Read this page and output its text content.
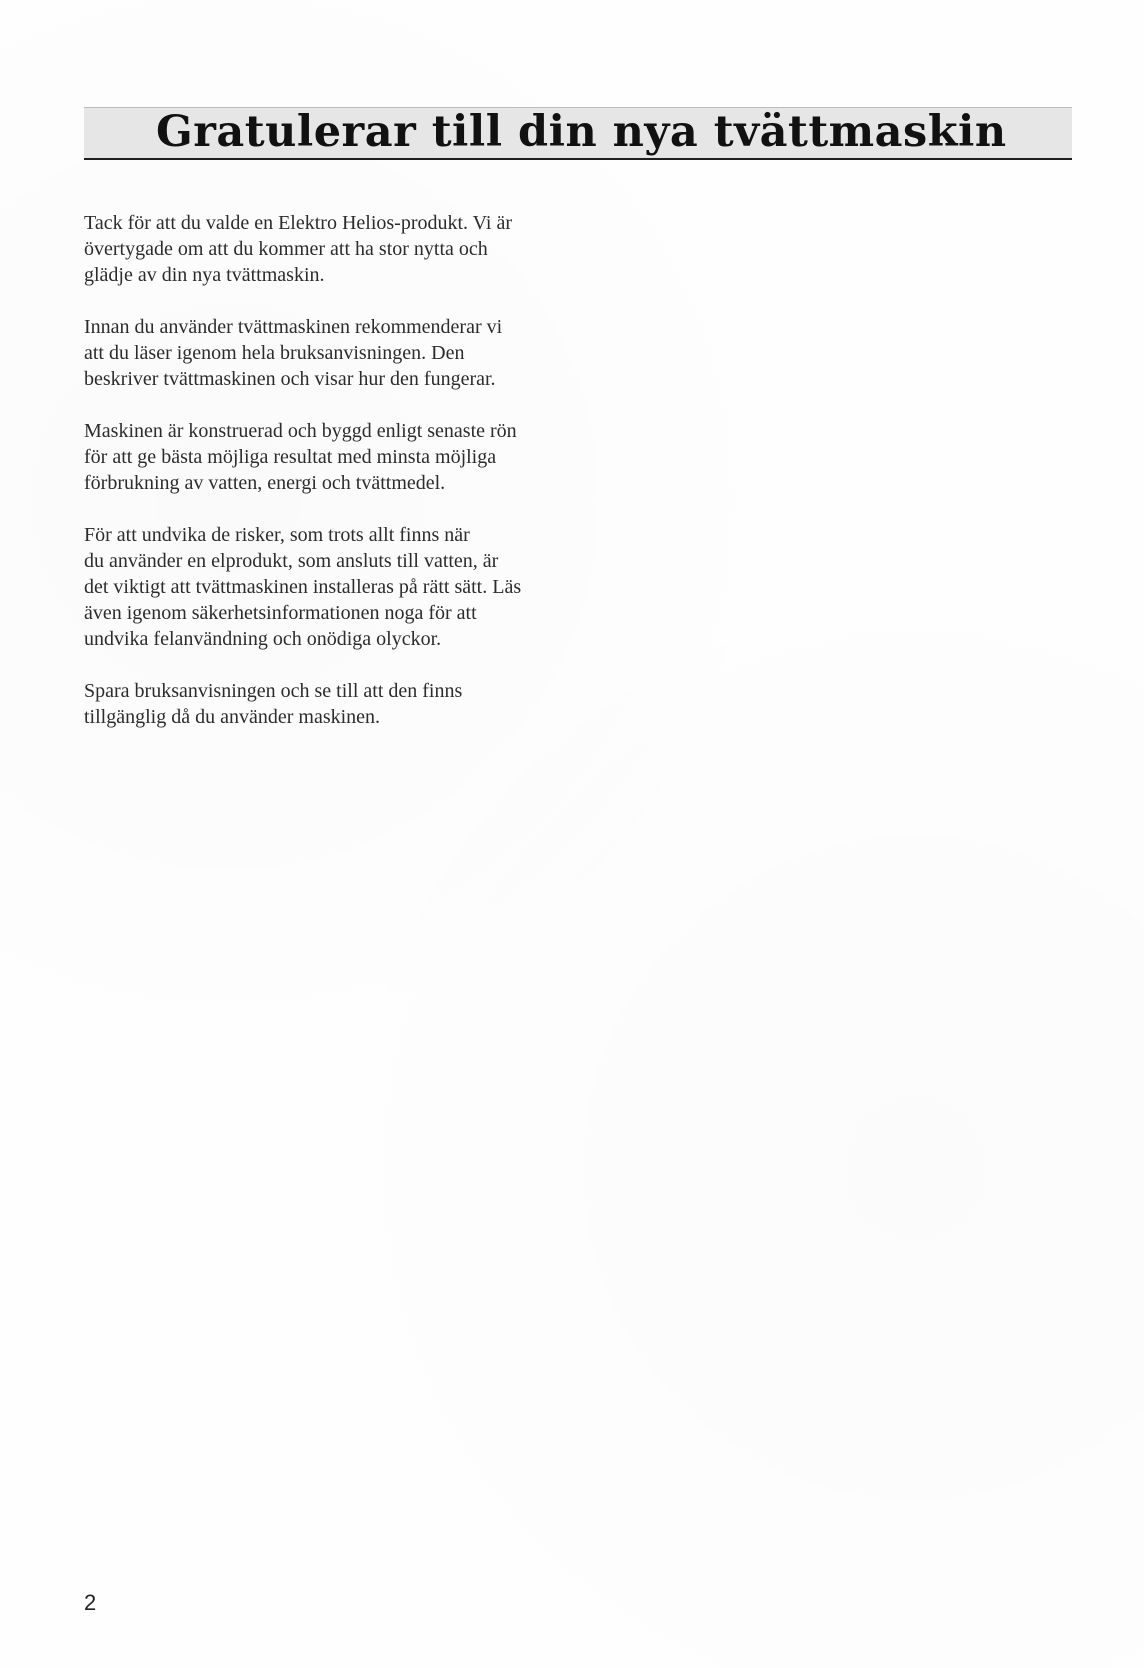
Gratulerar till din nya tvättmaskin

Tack för att du valde en Elektro Helios-produkt. Vi är
övertygade om att du kommer att ha stor nytta och
glädje av din nya tvättmaskin.

Innan du använder tvättmaskinen rekommenderar vi
att du läser igenom hela bruksanvisningen. Den
beskriver tvättmaskinen och visar hur den fungerar.

Maskinen är konstruerad och byggd enligt senaste rön
för att ge bästa möjliga resultat med minsta möjliga
förbrukning av vatten, energi och tvättmedel.

För att undvika de risker, som trots allt finns när
du använder en elprodukt, som ansluts till vatten, är
det viktigt att tvättmaskinen installeras på rätt sätt. Läs
även igenom säkerhetsinformationen noga för att
undvika felanvändning och onödiga olyckor.

Spara bruksanvisningen och se till att den finns
tillgänglig då du använder maskinen.

2
